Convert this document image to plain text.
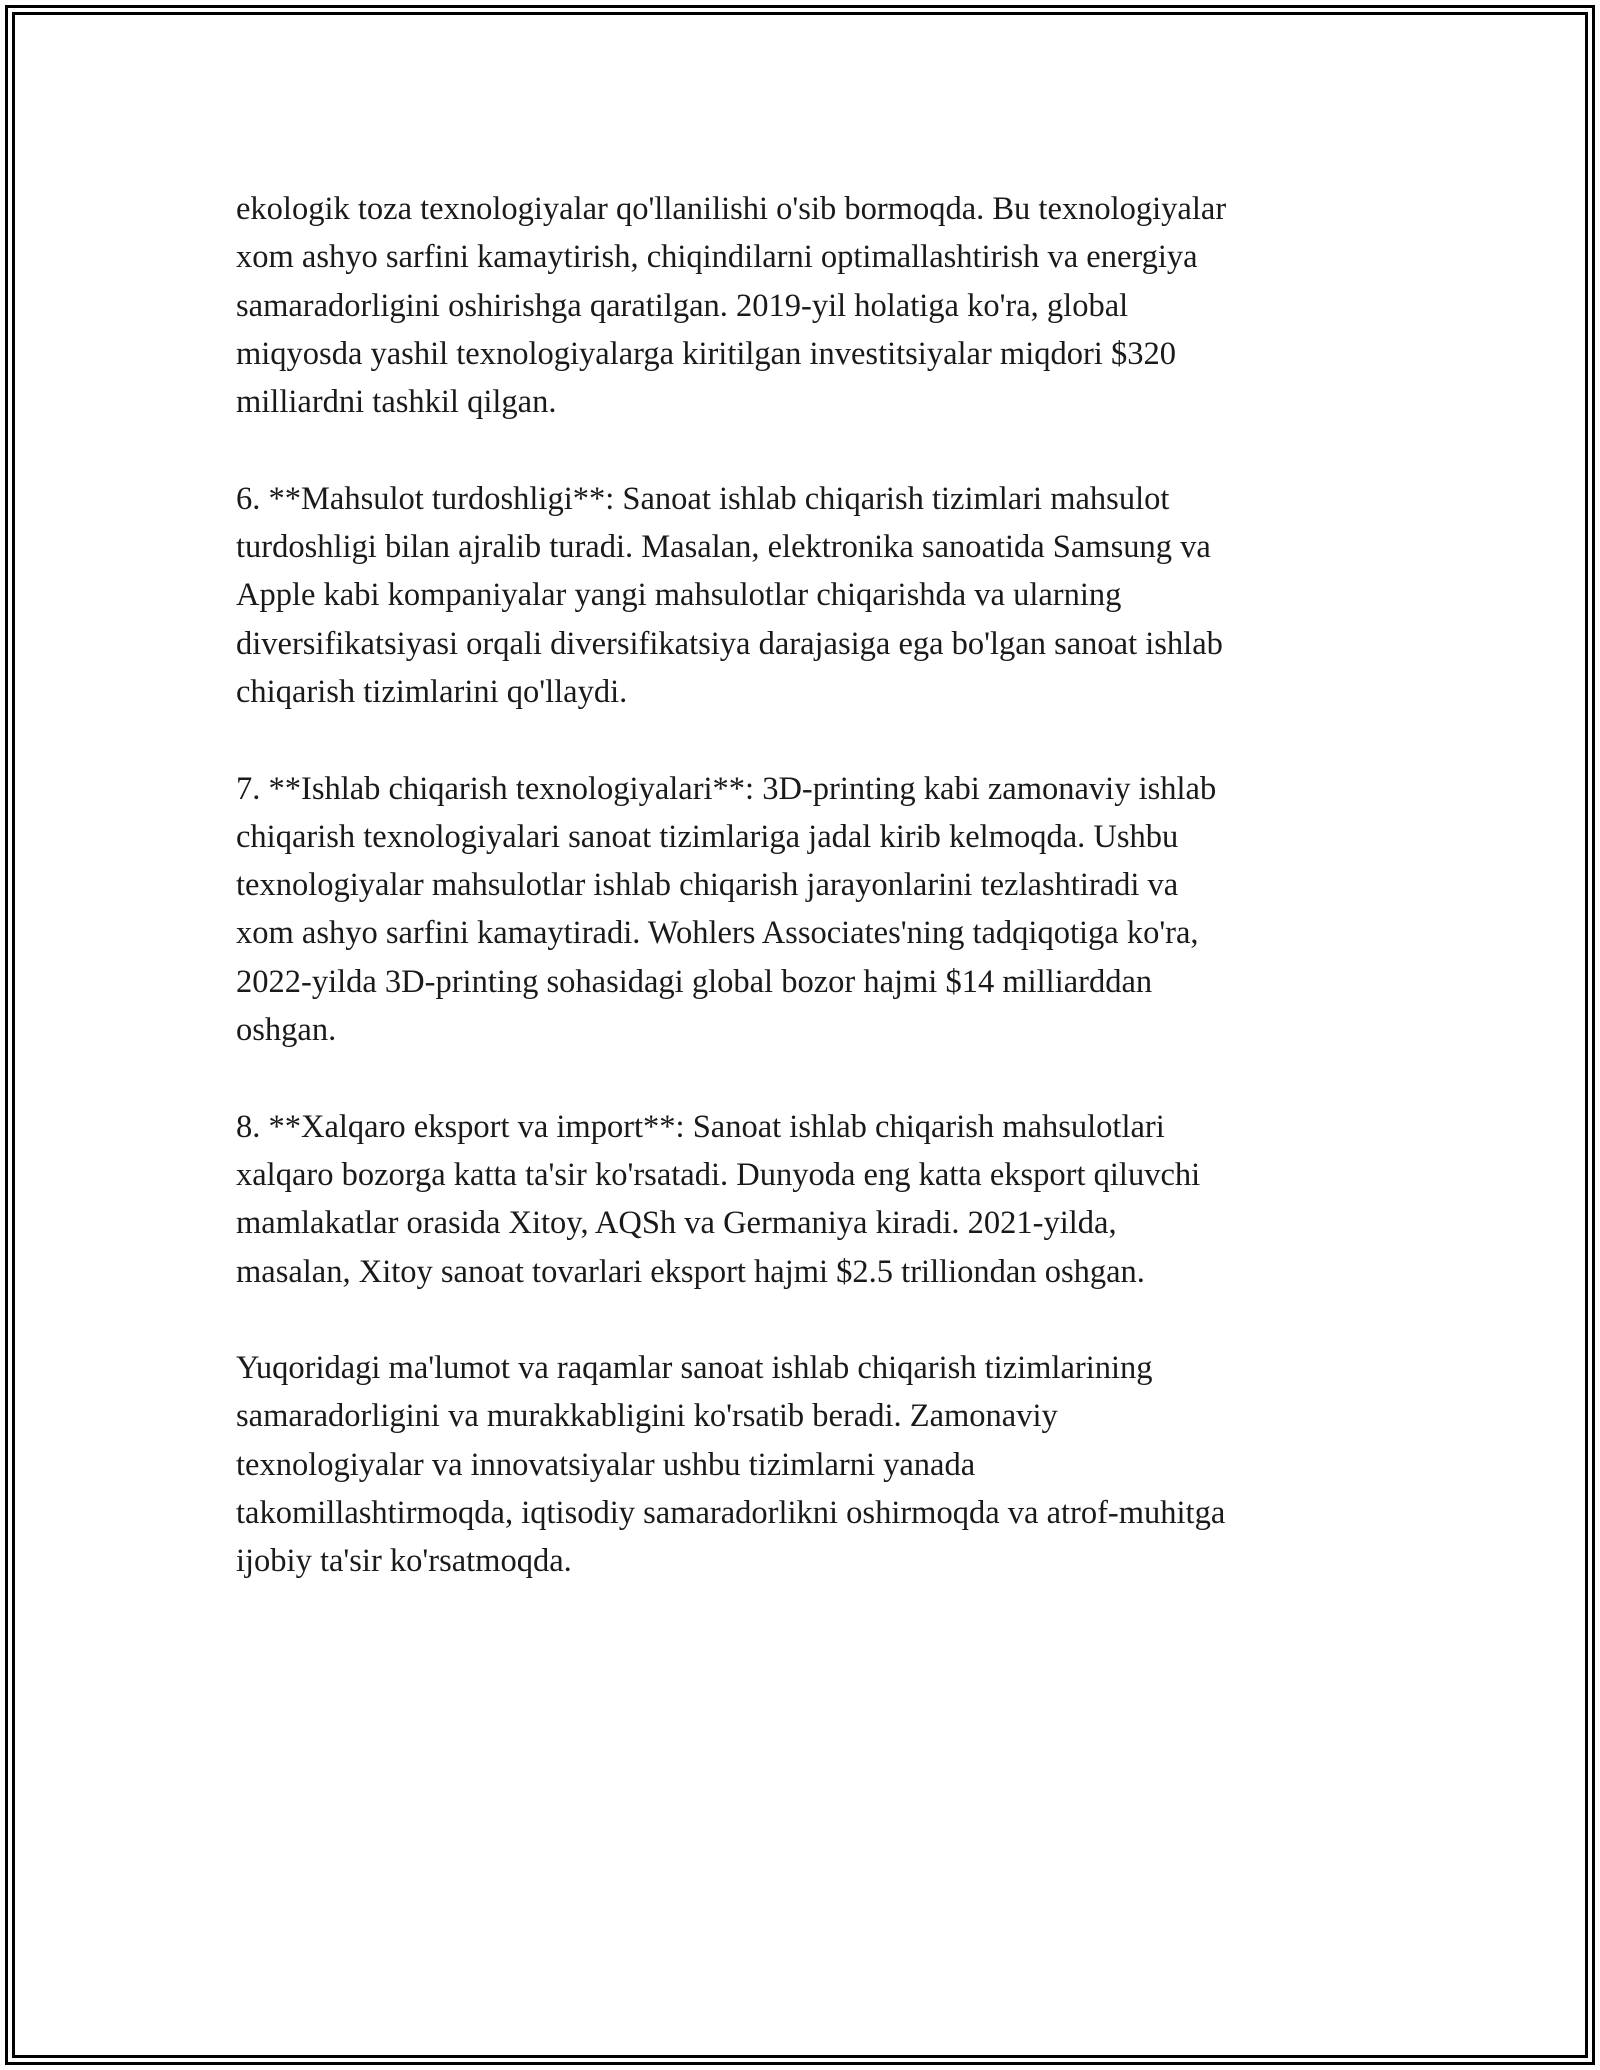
ekologik toza texnologiyalar qo'llanilishi o'sib bormoqda. Bu texnologiyalar
xom ashyo sarfini kamaytirish, chiqindilarni optimallashtirish va energiya
samaradorligini oshirishga qaratilgan. 2019-yil holatiga ko'ra, global
miqyosda yashil texnologiyalarga kiritilgan investitsiyalar miqdori $320
milliardni tashkil qilgan.

6. **Mahsulot turdoshligi**: Sanoat ishlab chiqarish tizimlari mahsulot
turdoshligi bilan ajralib turadi. Masalan, elektronika sanoatida Samsung va
Apple kabi kompaniyalar yangi mahsulotlar chiqarishda va ularning
diversifikatsiyasi orqali diversifikatsiya darajasiga ega bo'lgan sanoat ishlab
chiqarish tizimlarini qo'llaydi.

7. **Ishlab chiqarish texnologiyalari**: 3D-printing kabi zamonaviy ishlab
chiqarish texnologiyalari sanoat tizimlariga jadal kirib kelmoqda. Ushbu
texnologiyalar mahsulotlar ishlab chiqarish jarayonlarini tezlashtiradi va
xom ashyo sarfini kamaytiradi. Wohlers Associates'ning tadqiqotiga ko'ra,
2022-yilda 3D-printing sohasidagi global bozor hajmi $14 milliarddan
oshgan.

8. **Xalqaro eksport va import**: Sanoat ishlab chiqarish mahsulotlari
xalqaro bozorga katta ta'sir ko'rsatadi. Dunyoda eng katta eksport qiluvchi
mamlakatlar orasida Xitoy, AQSh va Germaniya kiradi. 2021-yilda,
masalan, Xitoy sanoat tovarlari eksport hajmi $2.5 trilliondan oshgan.

Yuqoridagi ma'lumot va raqamlar sanoat ishlab chiqarish tizimlarining
samaradorligini va murakkabligini ko'rsatib beradi. Zamonaviy
texnologiyalar va innovatsiyalar ushbu tizimlarni yanada
takomillashtirmoqda, iqtisodiy samaradorlikni oshirmoqda va atrof-muhitga
ijobiy ta'sir ko'rsatmoqda.
